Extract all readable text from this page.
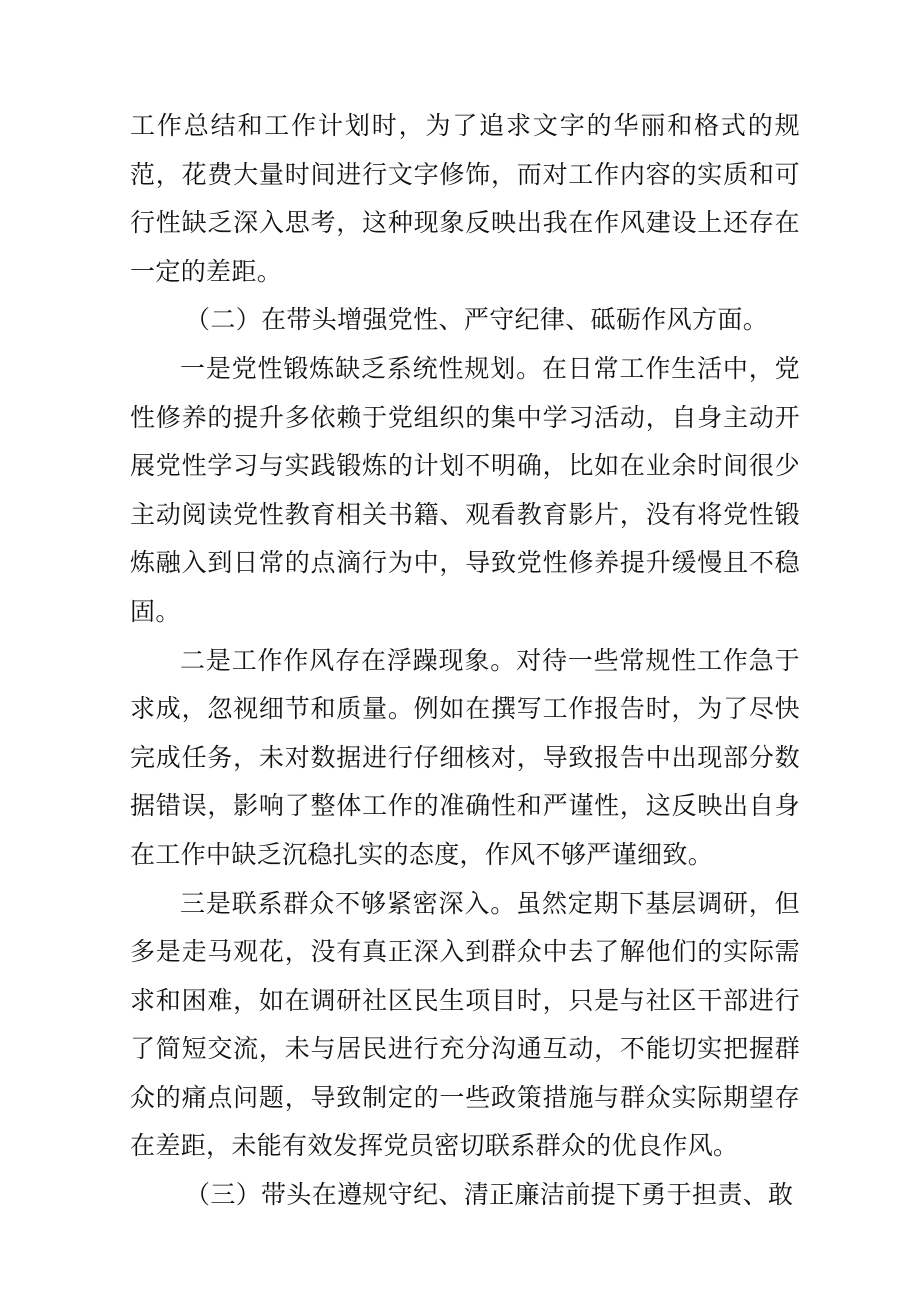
工作总结和工作计划时，为了追求文字的华丽和格式的规范，花费大量时间进行文字修饰，而对工作内容的实质和可行性缺乏深入思考，这种现象反映出我在作风建设上还存在一定的差距。

（二）在带头增强党性、严守纪律、砥砺作风方面。

一是党性锻炼缺乏系统性规划。在日常工作生活中，党性修养的提升多依赖于党组织的集中学习活动，自身主动开展党性学习与实践锻炼的计划不明确，比如在业余时间很少主动阅读党性教育相关书籍、观看教育影片，没有将党性锻炼融入到日常的点滴行为中，导致党性修养提升缓慢且不稳固。

二是工作作风存在浮躁现象。对待一些常规性工作急于求成，忽视细节和质量。例如在撰写工作报告时，为了尽快完成任务，未对数据进行仔细核对，导致报告中出现部分数据错误，影响了整体工作的准确性和严谨性，这反映出自身在工作中缺乏沉稳扎实的态度，作风不够严谨细致。

三是联系群众不够紧密深入。虽然定期下基层调研，但多是走马观花，没有真正深入到群众中去了解他们的实际需求和困难，如在调研社区民生项目时，只是与社区干部进行了简短交流，未与居民进行充分沟通互动，不能切实把握群众的痛点问题，导致制定的一些政策措施与群众实际期望存在差距，未能有效发挥党员密切联系群众的优良作风。

（三）带头在遵规守纪、清正廉洁前提下勇于担责、敢
